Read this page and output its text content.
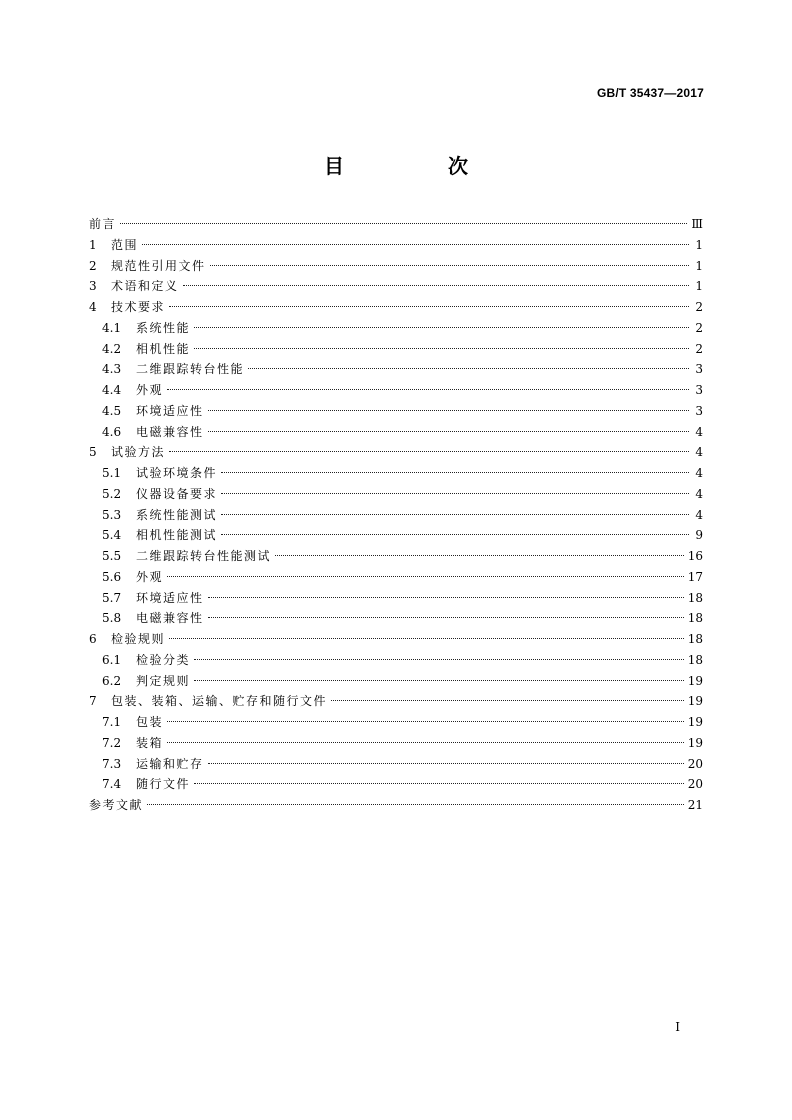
GB/T 35437—2017
目　次
前言	Ⅲ
1	范围	1
2	规范性引用文件	1
3	术语和定义	1
4	技术要求	2
4.1	系统性能	2
4.2	相机性能	2
4.3	二维跟踪转台性能	3
4.4	外观	3
4.5	环境适应性	3
4.6	电磁兼容性	4
5	试验方法	4
5.1	试验环境条件	4
5.2	仪器设备要求	4
5.3	系统性能测试	4
5.4	相机性能测试	9
5.5	二维跟踪转台性能测试	16
5.6	外观	17
5.7	环境适应性	18
5.8	电磁兼容性	18
6	检验规则	18
6.1	检验分类	18
6.2	判定规则	19
7	包装、装箱、运输、贮存和随行文件	19
7.1	包装	19
7.2	装箱	19
7.3	运输和贮存	20
7.4	随行文件	20
参考文献	21
I
